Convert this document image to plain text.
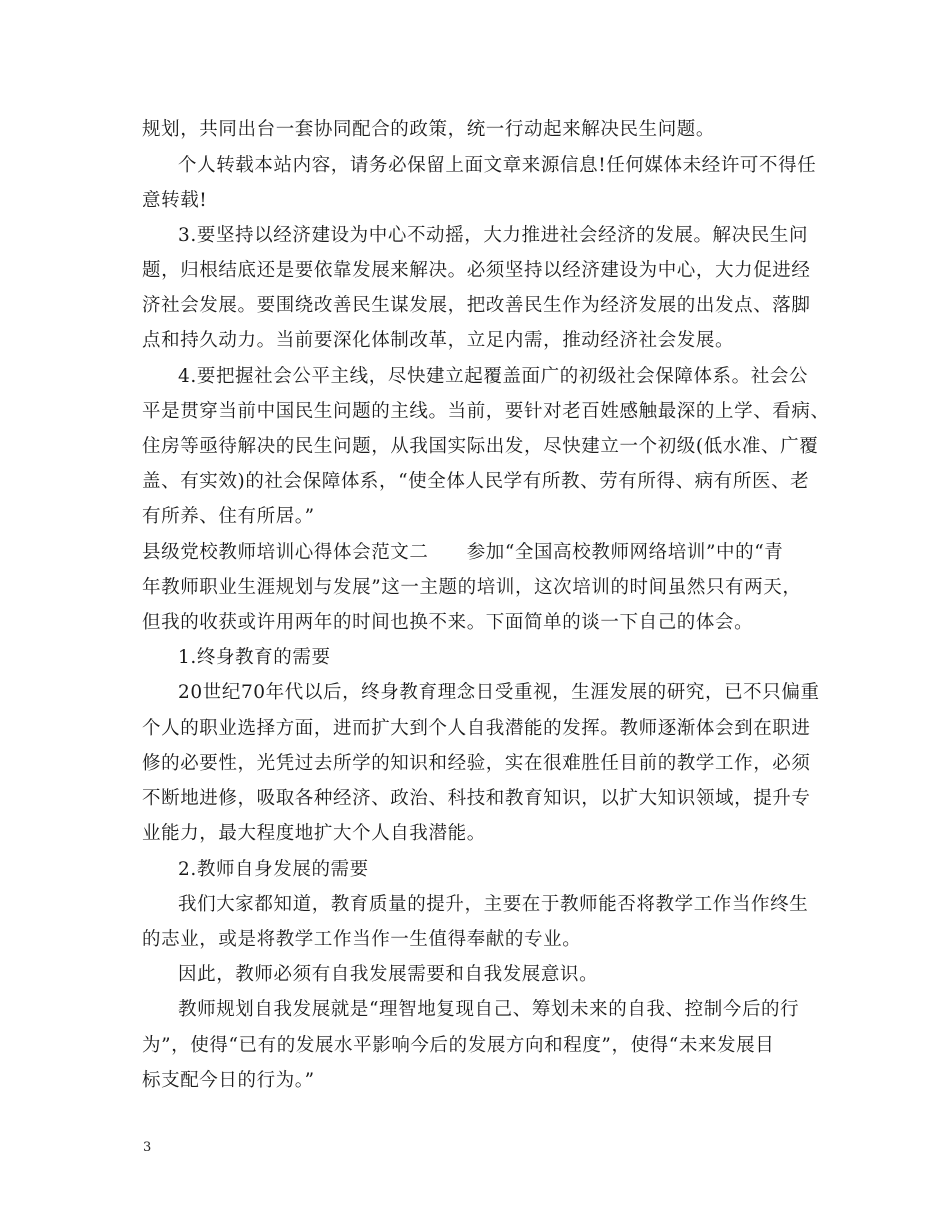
规划，共同出台一套协同配合的政策，统一行动起来解决民生问题。
个人转载本站内容，请务必保留上面文章来源信息!任何媒体未经许可不得任
意转载!
3.要坚持以经济建设为中心不动摇，大力推进社会经济的发展。解决民生问
题，归根结底还是要依靠发展来解决。必须坚持以经济建设为中心，大力促进经
济社会发展。要围绕改善民生谋发展，把改善民生作为经济发展的出发点、落脚
点和持久动力。当前要深化体制改革，立足内需，推动经济社会发展。
4.要把握社会公平主线，尽快建立起覆盖面广的初级社会保障体系。社会公
平是贯穿当前中国民生问题的主线。当前，要针对老百姓感触最深的上学、看病、
住房等亟待解决的民生问题，从我国实际出发，尽快建立一个初级(低水准、广覆
盖、有实效)的社会保障体系，“使全体人民学有所教、劳有所得、病有所医、老
有所养、住有所居。”
县级党校教师培训心得体会范文二　　参加“全国高校教师网络培训”中的“青
年教师职业生涯规划与发展”这一主题的培训，这次培训的时间虽然只有两天，
但我的收获或许用两年的时间也换不来。下面简单的谈一下自己的体会。
1.终身教育的需要
20世纪70年代以后，终身教育理念日受重视，生涯发展的研究，已不只偏重
个人的职业选择方面，进而扩大到个人自我潜能的发挥。教师逐渐体会到在职进
修的必要性，光凭过去所学的知识和经验，实在很难胜任目前的教学工作，必须
不断地进修，吸取各种经济、政治、科技和教育知识，以扩大知识领域，提升专
业能力，最大程度地扩大个人自我潜能。
2.教师自身发展的需要
我们大家都知道，教育质量的提升，主要在于教师能否将教学工作当作终生
的志业，或是将教学工作当作一生值得奉献的专业。
因此，教师必须有自我发展需要和自我发展意识。
教师规划自我发展就是“理智地复现自己、筹划未来的自我、控制今后的行
为”，使得“已有的发展水平影响今后的发展方向和程度”，使得“未来发展目
标支配今日的行为。”
3
